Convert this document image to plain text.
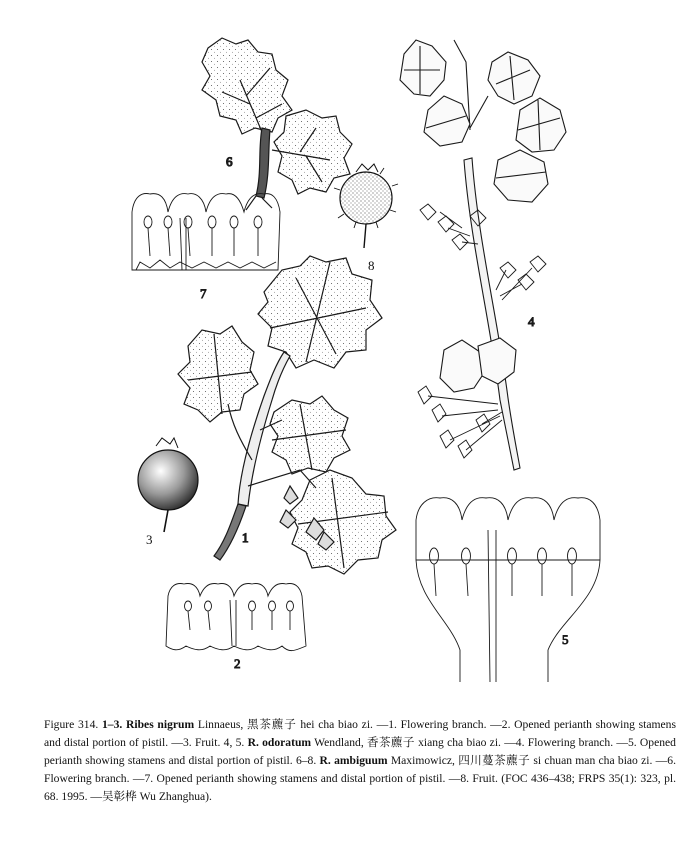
6
7
8
4
1
3
2
5
Figure 314. 1–3. Ribes nigrum Linnaeus, 黑茶藨子 hei cha biao zi. —1. Flowering branch. —2. Opened perianth showing stamens and distal portion of pistil. —3. Fruit. 4, 5. R. odoratum Wendland, 香茶藨子 xiang cha biao zi. —4. Flowering branch. —5. Opened perianth showing stamens and distal portion of pistil. 6–8. R. ambiguum Maximowicz, 四川蔓茶藨子 si chuan man cha biao zi. —6. Flowering branch. —7. Opened perianth showing stamens and distal portion of pistil. —8. Fruit. (FOC 436–438; FRPS 35(1): 323, pl. 68. 1995. —吴彰桦 Wu Zhanghua).
